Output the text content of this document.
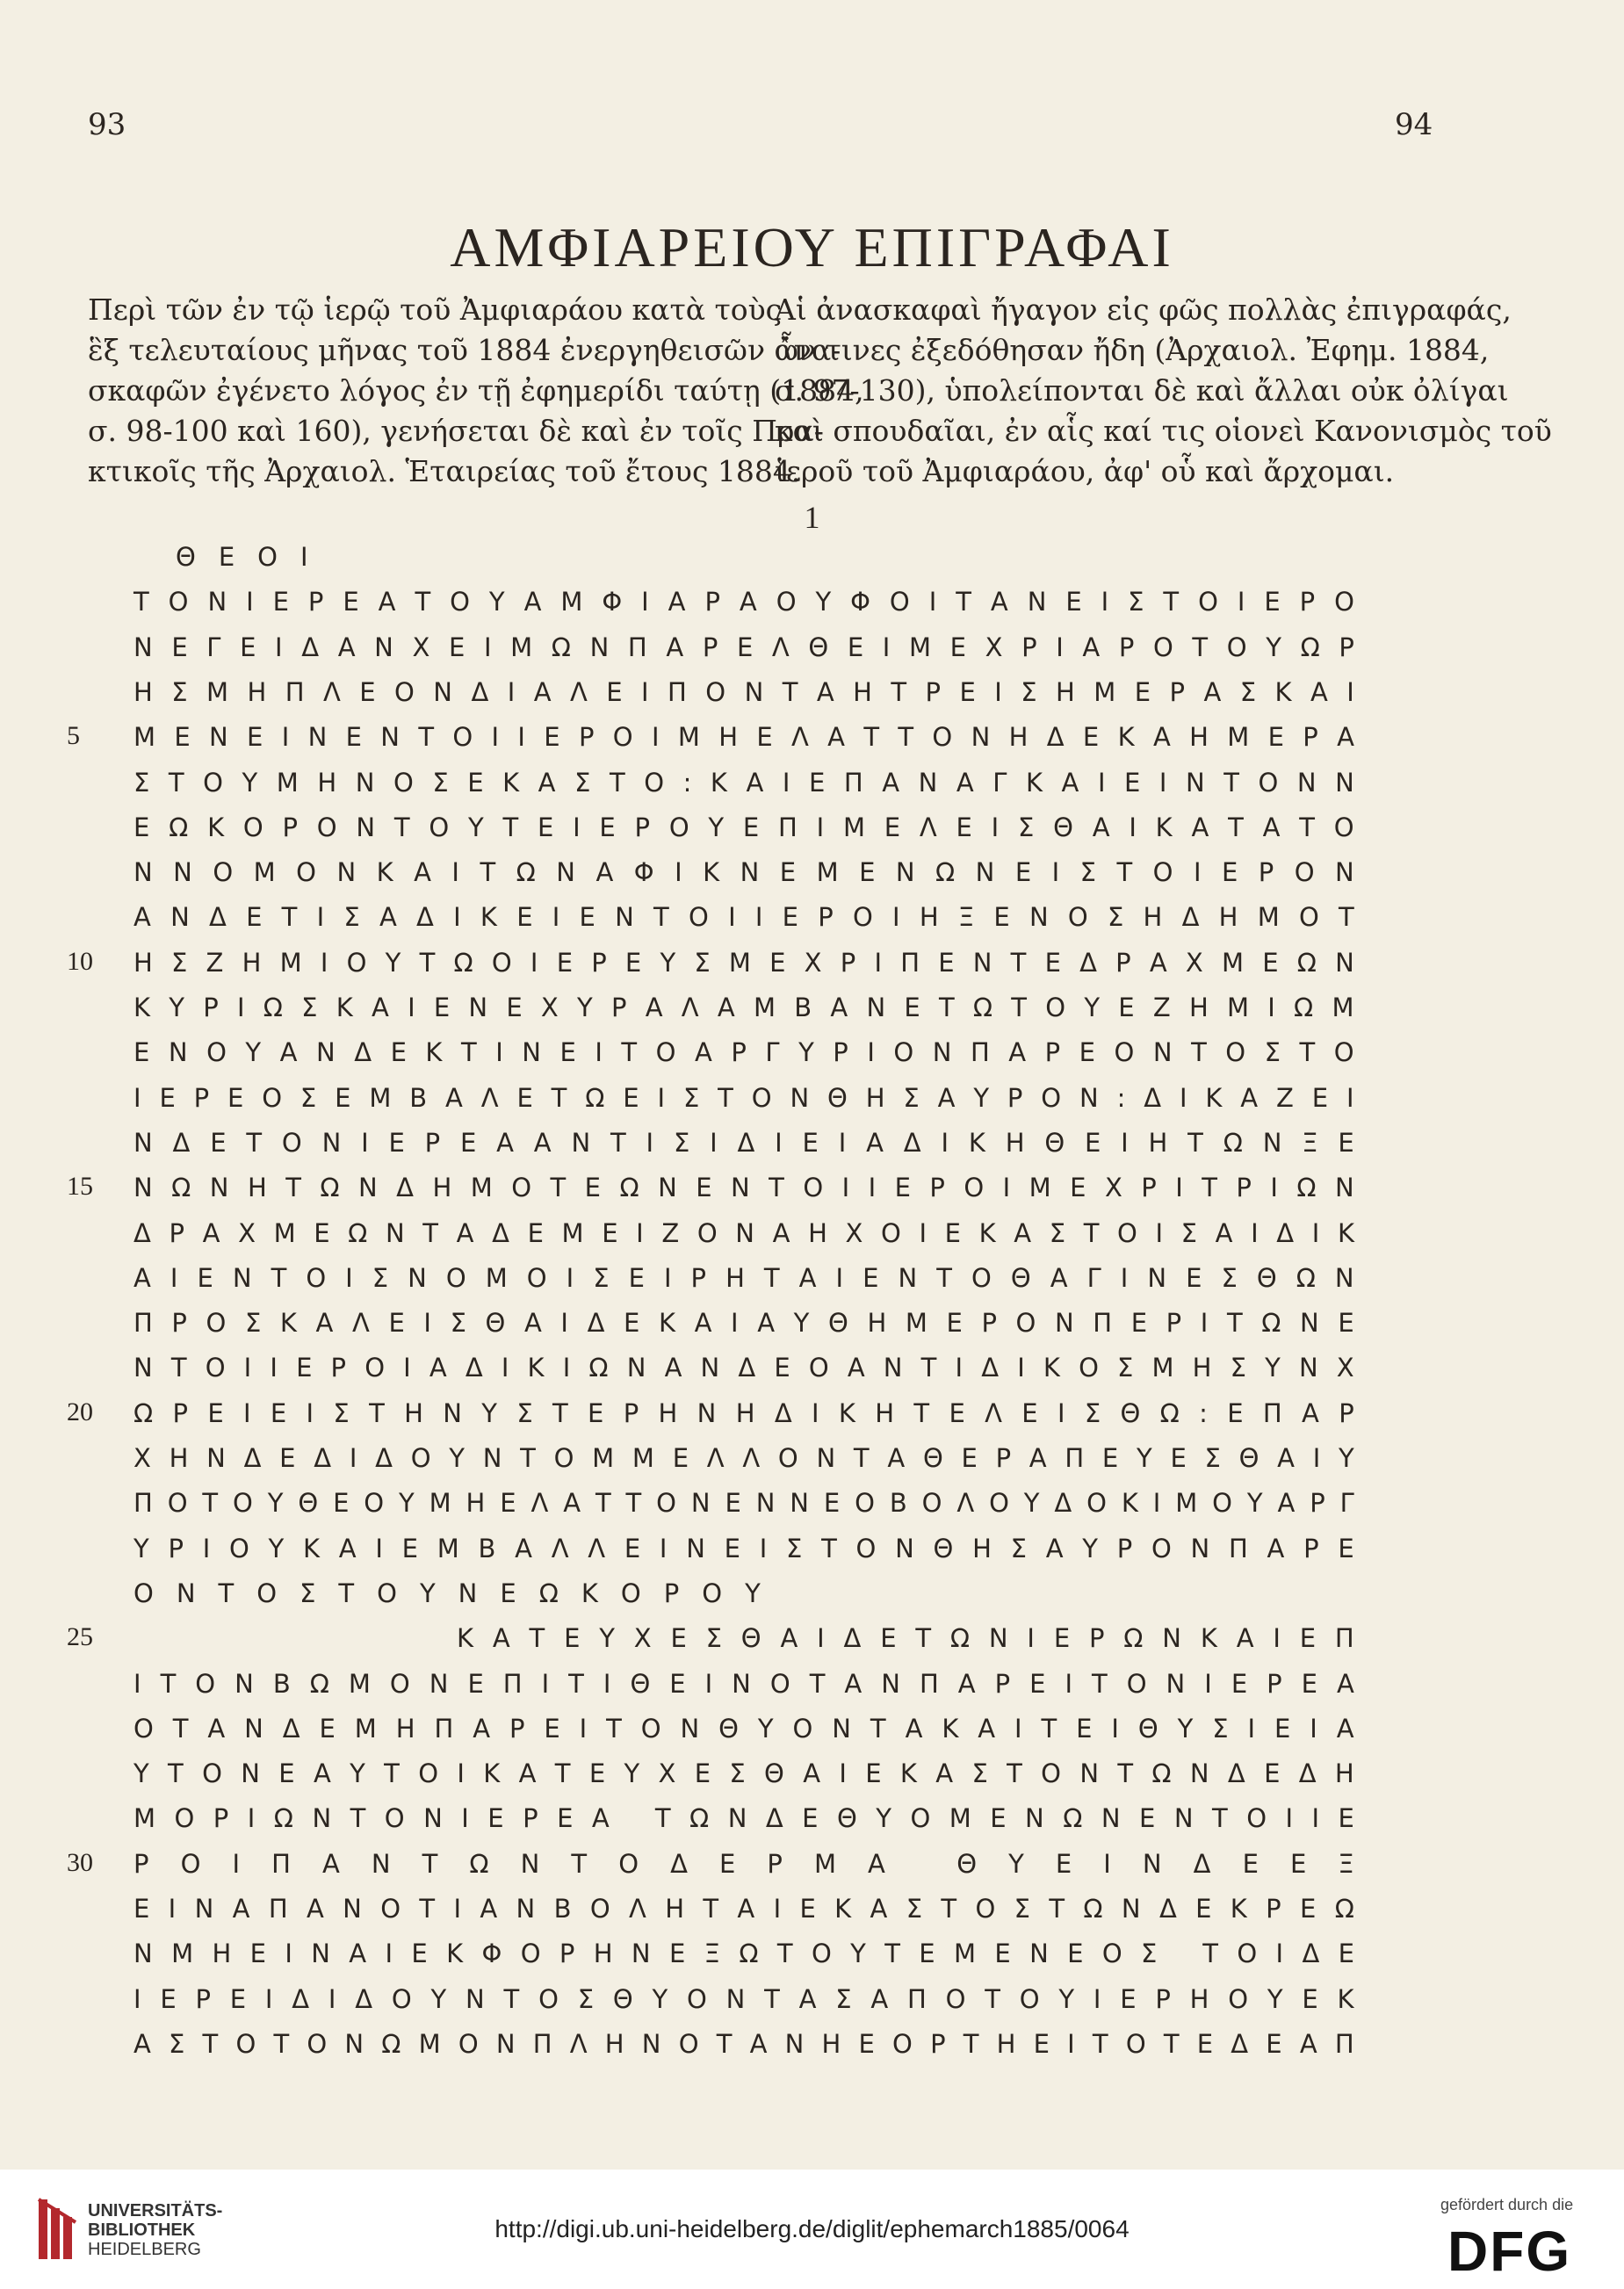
93	94
ΑΜΦΙΑΡΕΙΟΥ ΕΠΙΓΡΑΦΑΙ
Περὶ τῶν ἐν τῷ ἱερῷ τοῦ Ἀμφιαράου κατὰ τοὺς
ἓξ τελευταίους μῆνας τοῦ 1884 ἐνεργηθεισῶν ἀνα-
σκαφῶν ἐγένετο λόγος ἐν τῇ ἐφημερίδι ταύτῃ (1884,
σ. 98-100 καὶ 160), γενήσεται δὲ καὶ ἐν τοῖς Πρα-
κτικοῖς τῆς Ἀρχαιολ. Ἑταιρείας τοῦ ἔτους 1884.
Αἱ ἀνασκαφαὶ ἤγαγον εἰς φῶς πολλὰς ἐπιγραφάς,
ὧν τινες ἐξεδόθησαν ἤδη (Ἀρχαιολ. Ἐφημ. 1884,
σ. 97-130), ὑπολείπονται δὲ καὶ ἄλλαι οὐκ ὀλίγαι
καὶ σπουδαῖαι, ἐν αἷς καί τις οἱονεὶ Κανονισμὸς τοῦ
ἱεροῦ τοῦ Ἀμφιαράου, ἀφ' οὗ καὶ ἄρχομαι.
1
Θ Ε Ο Ι
Τ Ο Ν Ι Ε Ρ Ε Α Τ Ο Υ Α Μ Φ Ι Α Ρ Α Ο Υ Φ Ο Ι Τ Α Ν Ε Ι Σ Τ Ο Ι Ε Ρ Ο
Ν Ε Γ Ε Ι Δ Α Ν Χ Ε Ι Μ Ω Ν Π Α Ρ Ε Λ Θ Ε Ι Μ Ε Χ Ρ Ι Α Ρ Ο Τ Ο Υ Ω Ρ
Η Σ Μ Η Π Λ Ε Ο Ν Δ Ι Α Λ Ε Ι Π Ο Ν Τ Α Η Τ Ρ Ε Ι Σ Η Μ Ε Ρ Α Σ Κ Α Ι
Μ Ε Ν Ε Ι Ν Ε Ν Τ Ο Ι Ι Ε Ρ Ο Ι Μ Η Ε Λ Α Τ Τ Ο Ν Η Δ Ε Κ Α Η Μ Ε Ρ Α
5
Σ Τ Ο Υ Μ Η Ν Ο Σ Ε Κ Α Σ Τ Ο : Κ Α Ι Ε Π Α Ν Α Γ Κ Α Ι Ε Ι Ν Τ Ο Ν Ν
Ε Ω Κ Ο Ρ Ο Ν Τ Ο Υ Τ Ε Ι Ε Ρ Ο Υ Ε Π Ι Μ Ε Λ Ε Ι Σ Θ Α Ι Κ Α Τ Α Τ Ο
Ν Ν Ο Μ Ο Ν Κ Α Ι Τ Ω Ν Α Φ Ι Κ Ν Ε Μ Ε Ν Ω Ν Ε Ι Σ Τ Ο Ι Ε Ρ Ο Ν
Α Ν Δ Ε Τ Ι Σ Α Δ Ι Κ Ε Ι Ε Ν Τ Ο Ι Ι Ε Ρ Ο Ι Η Ξ Ε Ν Ο Σ Η Δ Η Μ Ο Τ
Η Σ Ζ Η Μ Ι Ο Υ Τ Ω Ο Ι Ε Ρ Ε Υ Σ Μ Ε Χ Ρ Ι Π Ε Ν Τ Ε Δ Ρ Α Χ Μ Ε Ω Ν
10
Κ Υ Ρ Ι Ω Σ Κ Α Ι Ε Ν Ε Χ Υ Ρ Α Λ Α Μ Β Α Ν Ε Τ Ω Τ Ο Υ Ε Ζ Η Μ Ι Ω Μ
Ε Ν Ο Υ Α Ν Δ Ε Κ Τ Ι Ν Ε Ι Τ Ο Α Ρ Γ Υ Ρ Ι Ο Ν Π Α Ρ Ε Ο Ν Τ Ο Σ Τ Ο
Ι Ε Ρ Ε Ο Σ Ε Μ Β Α Λ Ε Τ Ω Ε Ι Σ Τ Ο Ν Θ Η Σ Α Υ Ρ Ο Ν : Δ Ι Κ Α Ζ Ε Ι
Ν Δ Ε Τ Ο Ν Ι Ε Ρ Ε Α Α Ν Τ Ι Σ Ι Δ Ι Ε Ι Α Δ Ι Κ Η Θ Ε Ι Η Τ Ω Ν Ξ Ε
Ν Ω Ν Η Τ Ω Ν Δ Η Μ Ο Τ Ε Ω Ν Ε Ν Τ Ο Ι Ι Ε Ρ Ο Ι Μ Ε Χ Ρ Ι Τ Ρ Ι Ω Ν
15
Δ Ρ Α Χ Μ Ε Ω Ν Τ Α Δ Ε Μ Ε Ι Ζ Ο Ν Α Η Χ Ο Ι Ε Κ Α Σ Τ Ο Ι Σ Α Ι Δ Ι Κ
Α Ι Ε Ν Τ Ο Ι Σ Ν Ο Μ Ο Ι Σ Ε Ι Ρ Η Τ Α Ι Ε Ν Τ Ο Θ Α Γ Ι Ν Ε Σ Θ Ω Ν
Π Ρ Ο Σ Κ Α Λ Ε Ι Σ Θ Α Ι Δ Ε Κ Α Ι Α Υ Θ Η Μ Ε Ρ Ο Ν Π Ε Ρ Ι Τ Ω Ν Ε
Ν Τ Ο Ι Ι Ε Ρ Ο Ι Α Δ Ι Κ Ι Ω Ν Α Ν Δ Ε Ο Α Ν Τ Ι Δ Ι Κ Ο Σ Μ Η Σ Υ Ν Χ
Ω Ρ Ε Ι Ε Ι Σ Τ Η Ν Υ Σ Τ Ε Ρ Η Ν Η Δ Ι Κ Η Τ Ε Λ Ε Ι Σ Θ Ω : Ε Π Α Ρ
20
Χ Η Ν Δ Ε Δ Ι Δ Ο Υ Ν Τ Ο Μ Μ Ε Λ Λ Ο Ν Τ Α Θ Ε Ρ Α Π Ε Υ Ε Σ Θ Α Ι Υ
Π Ο Τ Ο Υ Θ Ε Ο Υ Μ Η Ε Λ Α Τ Τ Ο Ν Ε Ν Ν Ε Ο Β Ο Λ Ο Υ Δ Ο Κ Ι Μ Ο Υ Α Ρ Γ
Υ Ρ Ι Ο Υ Κ Α Ι Ε Μ Β Α Λ Λ Ε Ι Ν Ε Ι Σ Τ Ο Ν Θ Η Σ Α Υ Ρ Ο Ν Π Α Ρ Ε
Ο Ν Τ Ο Σ Τ Ο Υ Ν Ε Ω Κ Ο Ρ Ο Υ
Κ Α Τ Ε Υ Χ Ε Σ Θ Α Ι Δ Ε Τ Ω Ν Ι Ε Ρ Ω Ν Κ Α Ι Ε Π
25
Ι Τ Ο Ν Β Ω Μ Ο Ν Ε Π Ι Τ Ι Θ Ε Ι Ν Ο Τ Α Ν Π Α Ρ Ε Ι Τ Ο Ν Ι Ε Ρ Ε Α
Ο Τ Α Ν Δ Ε Μ Η Π Α Ρ Ε Ι Τ Ο Ν Θ Υ Ο Ν Τ Α Κ Α Ι Τ Ε Ι Θ Υ Σ Ι Ε Ι Α
Υ Τ Ο Ν Ε Α Υ Τ Ο Ι Κ Α Τ Ε Υ Χ Ε Σ Θ Α Ι Ε Κ Α Σ Τ Ο Ν Τ Ω Ν Δ Ε Δ Η
Μ Ο Ρ Ι Ω Ν Τ Ο Ν Ι Ε Ρ Ε Α
Τ Ω Ν Δ Ε Θ Υ Ο Μ Ε Ν Ω Ν Ε Ν Τ Ο Ι Ι Ε
Ρ Ο Ι Π Α Ν Τ Ω Ν Τ Ο Δ Ε Ρ Μ Α
	Θ Υ Ε Ι Ν Δ Ε Ε Ξ
30
Ε Ι Ν Α Π Α Ν Ο Τ Ι Α Ν Β Ο Λ Η Τ Α Ι Ε Κ Α Σ Τ Ο Σ Τ Ω Ν Δ Ε Κ Ρ Ε Ω
Ν Μ Η Ε Ι Ν Α Ι Ε Κ Φ Ο Ρ Η Ν Ε Ξ Ω Τ Ο Υ Τ Ε Μ Ε Ν Ε Ο Σ
Τ Ο Ι Δ Ε
Ι Ε Ρ Ε Ι Δ Ι Δ Ο Υ Ν Τ Ο Σ Θ Υ Ο Ν Τ Α Σ Α Π Ο Τ Ο Υ Ι Ε Ρ Η Ο Υ Ε Κ
Α Σ Τ Ο Τ Ο Ν Ω Μ Ο Ν Π Λ Η Ν Ο Τ Α Ν Η Ε Ο Ρ Τ Η Ε Ι Τ Ο Τ Ε Δ Ε Α Π
UNIVERSITÄTS-
BIBLIOTHEK
HEIDELBERG
http://digi.ub.uni-heidelberg.de/diglit/ephemarch1885/0064
gefördert durch die
DFG
